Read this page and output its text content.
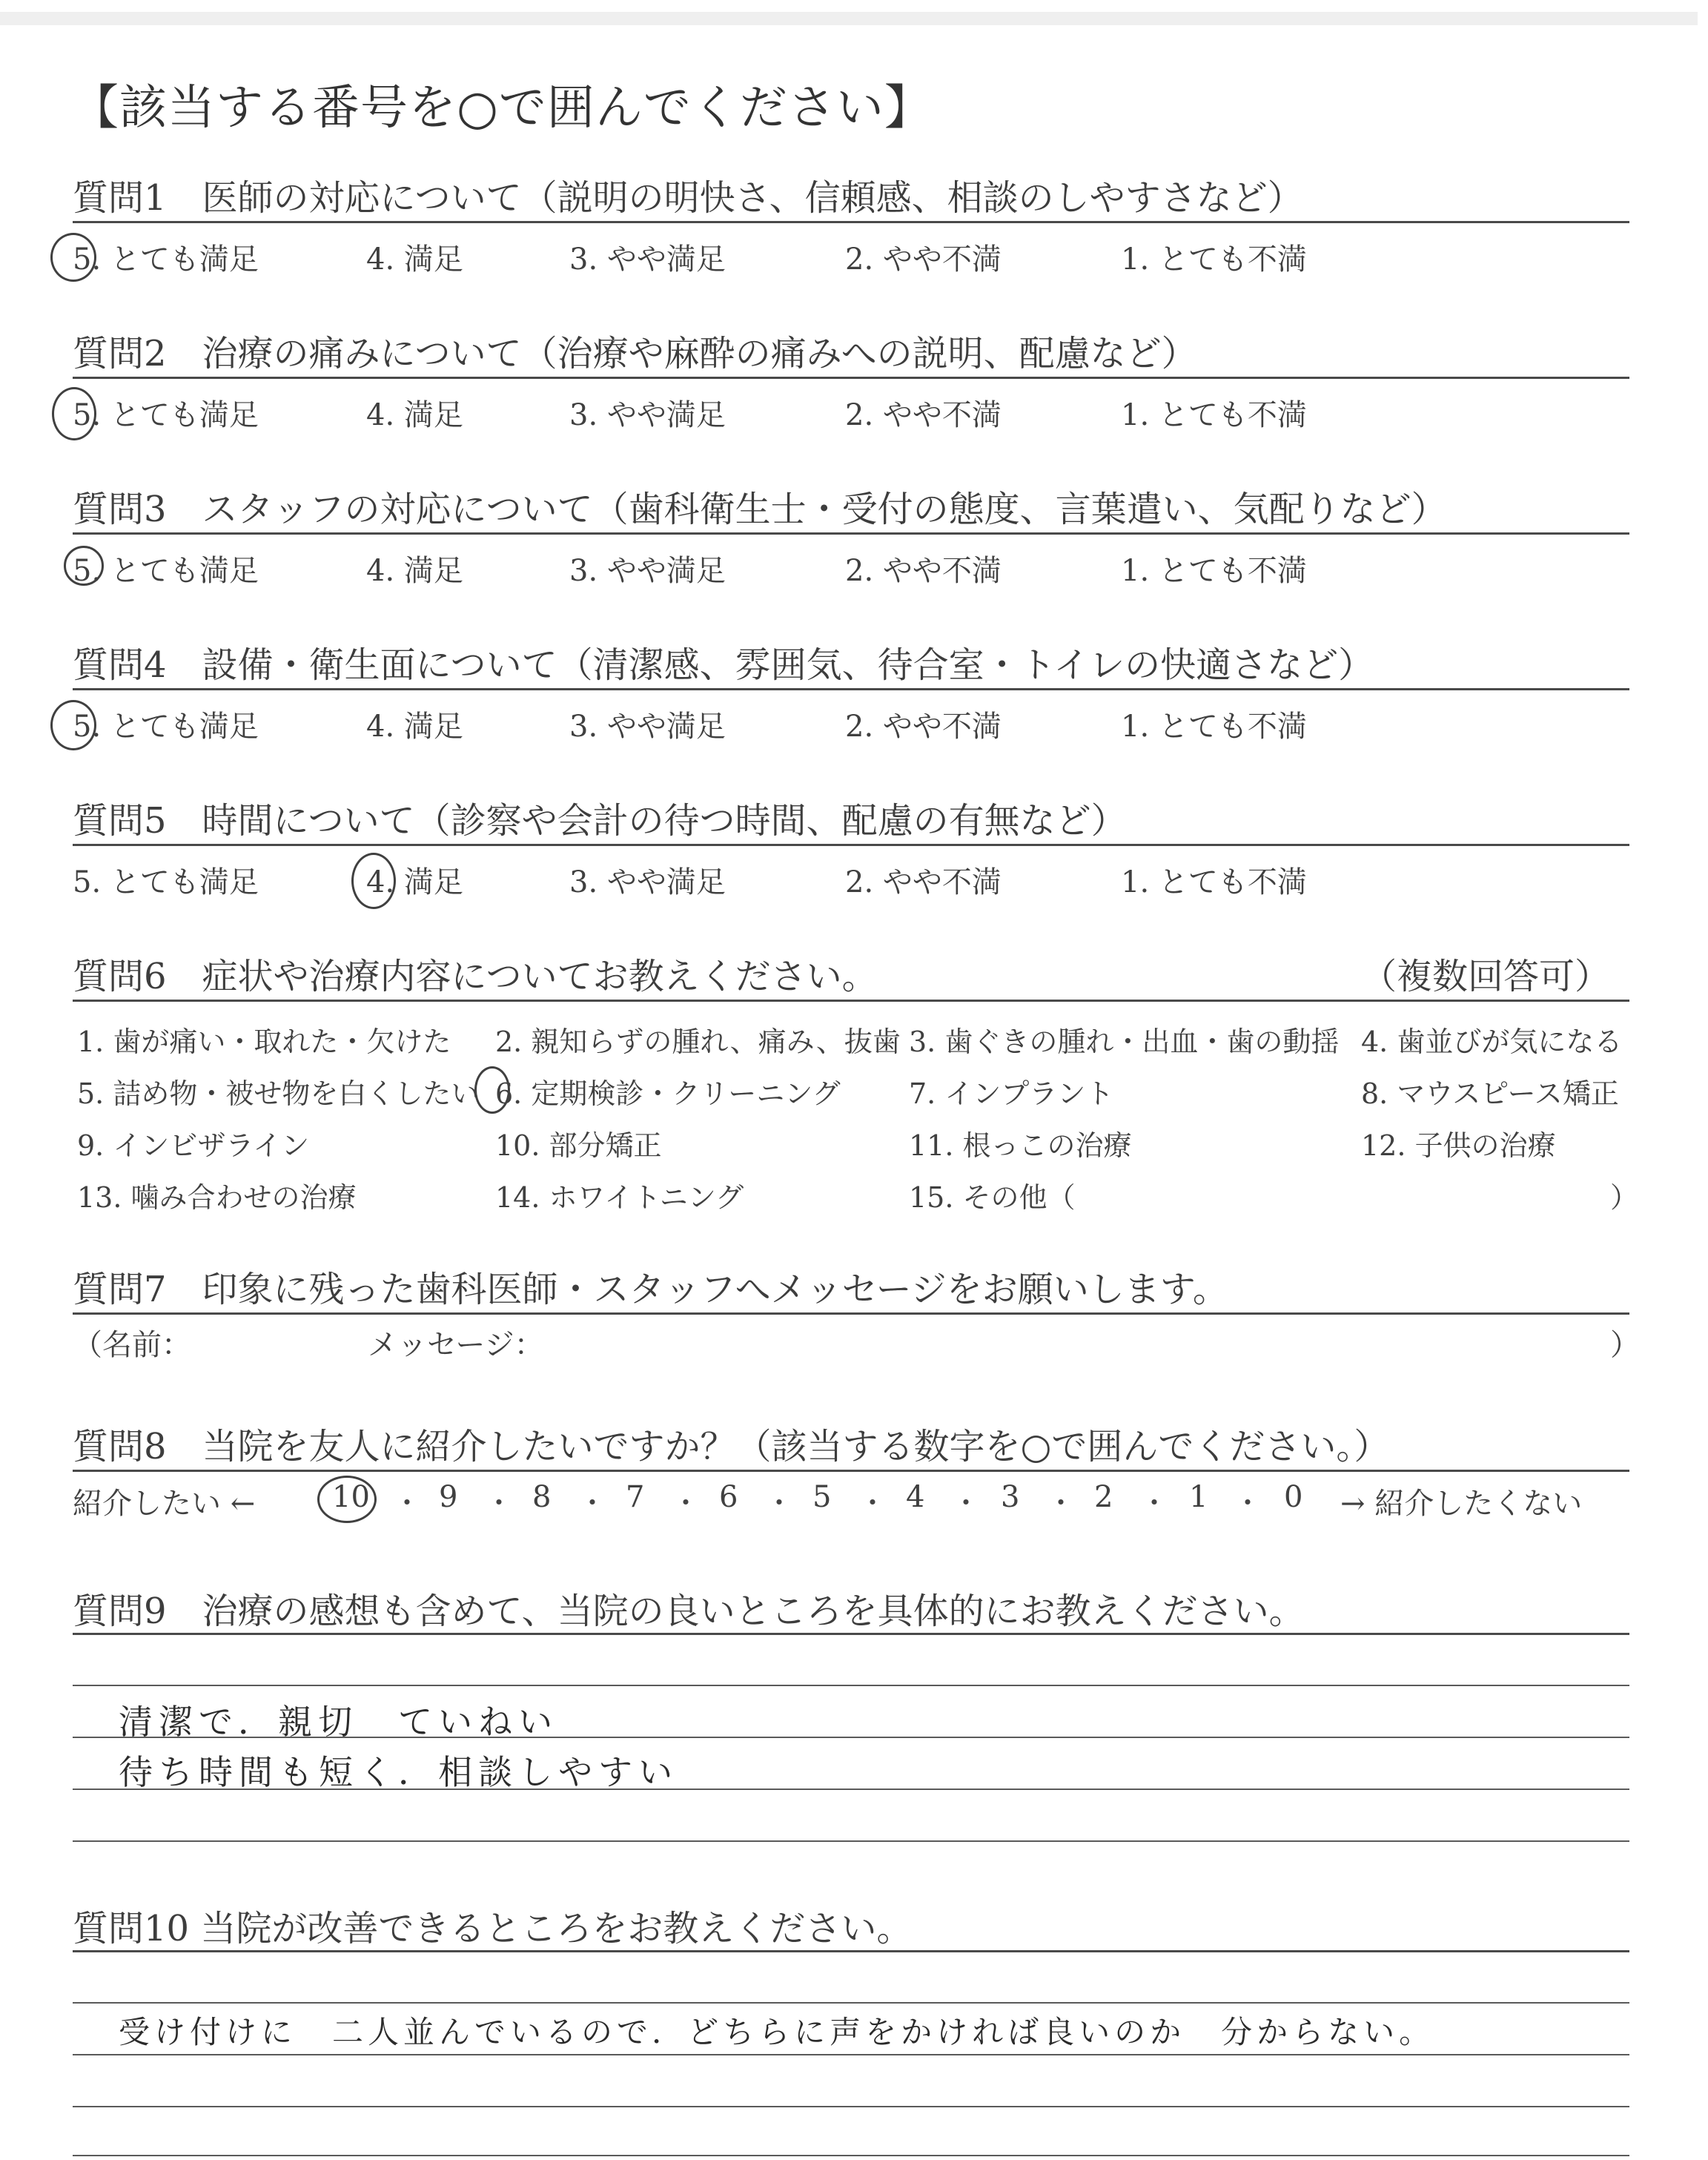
【該当する番号を○で囲んでください】
質問1　医師の対応について（説明の明快さ、信頼感、相談のしやすさなど）
5. とても満足	4. 満足	3. やや満足	2. やや不満	1. とても不満
質問2　治療の痛みについて（治療や麻酔の痛みへの説明、配慮など）
5. とても満足	4. 満足	3. やや満足	2. やや不満	1. とても不満
質問3　スタッフの対応について（歯科衛生士・受付の態度、言葉遣い、気配りなど）
5. とても満足	4. 満足	3. やや満足	2. やや不満	1. とても不満
質問4　設備・衛生面について（清潔感、雰囲気、待合室・トイレの快適さなど）
5. とても満足	4. 満足	3. やや満足	2. やや不満	1. とても不満
質問5　時間について（診察や会計の待つ時間、配慮の有無など）
5. とても満足	4. 満足	3. やや満足	2. やや不満	1. とても不満
質問6　症状や治療内容についてお教えください。	（複数回答可）
1. 歯が痛い・取れた・欠けた 2. 親知らずの腫れ、痛み、抜歯 3. 歯ぐきの腫れ・出血・歯の動揺 4. 歯並びが気になる
5. 詰め物・被せ物を白くしたい 6. 定期検診・クリーニング 7. インプラント	8. マウスピース矯正
9. インビザライン	10. 部分矯正	11. 根っこの治療	12. 子供の治療
13. 噛み合わせの治療	14. ホワイトニング	15. その他（	）
質問7　印象に残った歯科医師・スタッフへメッセージをお願いします。
（名前：	メッセージ：	）
質問8　当院を友人に紹介したいですか？（該当する数字を○で囲んでください。）
紹介したい ←	→ 紹介したくない
10 ・ 9 ・ 8 ・ 7 ・ 6 ・ 5 ・ 4 ・ 3 ・ 2 ・ 1 ・ 0
質問9　治療の感想も含めて、当院の良いところを具体的にお教えください。
清潔で．親切　ていねい
待ち時間も短く．相談しやすい
質問10 当院が改善できるところをお教えください。
受け付けに　二人並んでいるので．どちらに声をかければ良いのか　分からない。
